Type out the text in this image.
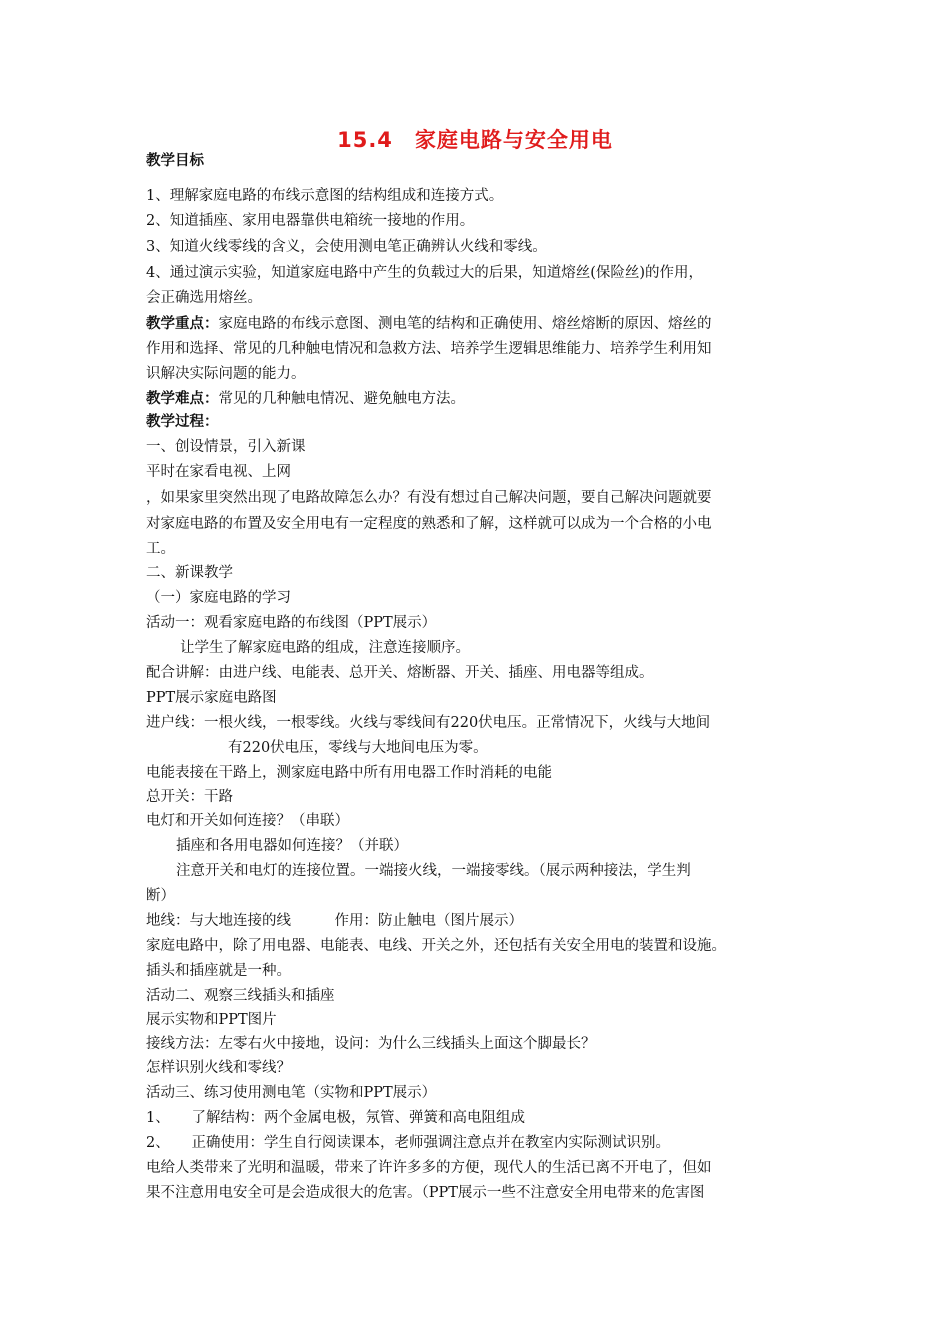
15.4　家庭电路与安全用电
教学目标
1、理解家庭电路的布线示意图的结构组成和连接方式。
2、知道插座、家用电器靠供电箱统一接地的作用。
3、知道火线零线的含义，会使用测电笔正确辨认火线和零线。
4、通过演示实验，知道家庭电路中产生的负载过大的后果，知道熔丝(保险丝)的作用，
会正确选用熔丝。
教学重点：家庭电路的布线示意图、测电笔的结构和正确使用、熔丝熔断的原因、熔丝的
作用和选择、常见的几种触电情况和急救方法、培养学生逻辑思维能力、培养学生利用知
识解决实际问题的能力。
教学难点：常见的几种触电情况、避免触电方法。
教学过程：
一、创设情景，引入新课
平时在家看电视、上网
，如果家里突然出现了电路故障怎么办？有没有想过自己解决问题，要自己解决问题就要
对家庭电路的布置及安全用电有一定程度的熟悉和了解，这样就可以成为一个合格的小电
工。
二、新课教学
（一）家庭电路的学习
活动一：观看家庭电路的布线图（PPT展示）
让学生了解家庭电路的组成，注意连接顺序。
配合讲解：由进户线、电能表、总开关、熔断器、开关、插座、用电器等组成。
PPT展示家庭电路图
进户线：一根火线，一根零线。火线与零线间有220伏电压。正常情况下，火线与大地间
有220伏电压，零线与大地间电压为零。
电能表接在干路上，测家庭电路中所有用电器工作时消耗的电能
总开关：干路
电灯和开关如何连接？（串联）
插座和各用电器如何连接？（并联）
注意开关和电灯的连接位置。一端接火线，一端接零线。（展示两种接法，学生判
断）
地线：与大地连接的线　　　作用：防止触电（图片展示）
家庭电路中，除了用电器、电能表、电线、开关之外，还包括有关安全用电的装置和设施。
插头和插座就是一种。
活动二、观察三线插头和插座
展示实物和PPT图片
接线方法：左零右火中接地，设问：为什么三线插头上面这个脚最长？
怎样识别火线和零线？
活动三、练习使用测电笔（实物和PPT展示）
1、　　了解结构：两个金属电极，氖管、弹簧和高电阻组成
2、　　正确使用：学生自行阅读课本，老师强调注意点并在教室内实际测试识别。
电给人类带来了光明和温暖，带来了许许多多的方便，现代人的生活已离不开电了，但如
果不注意用电安全可是会造成很大的危害。（PPT展示一些不注意安全用电带来的危害图
